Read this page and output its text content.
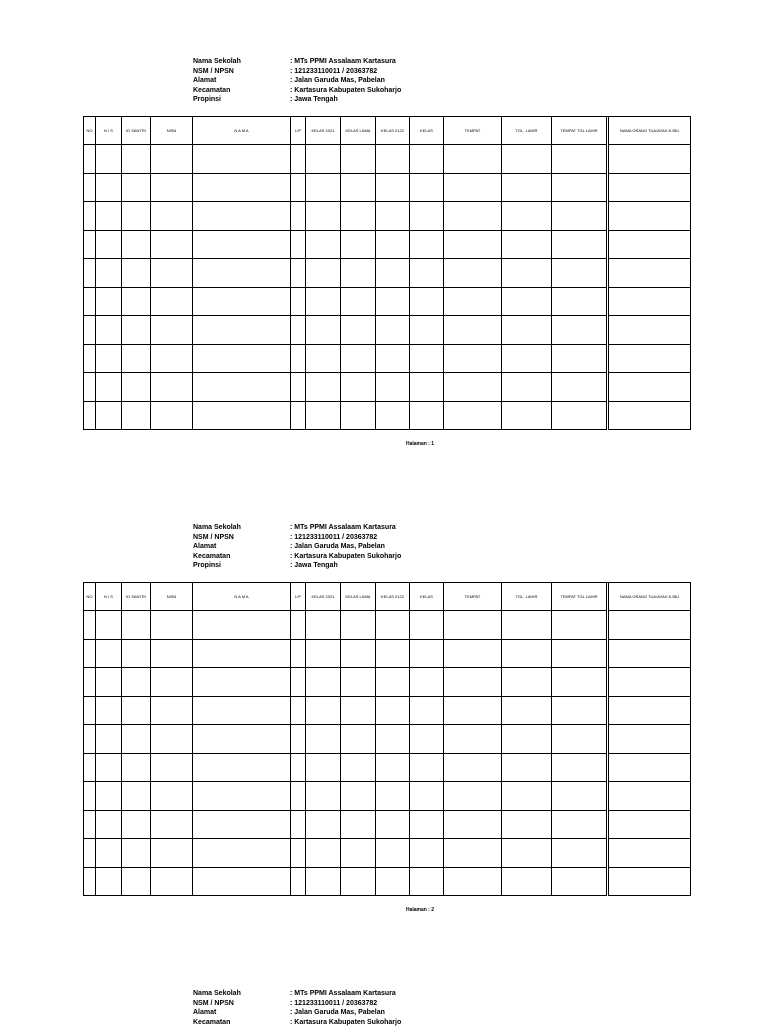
Nama Sekolah	: MTs PPMI Assalaam Kartasura
NSM / NPSN	: 121233110011 / 20363782
Alamat	: Jalan Garuda Mas, Pabelan
Kecamatan	: Kartasura Kabupaten Sukoharjo
Propinsi	: Jawa Tengah
NO	N I S	ID SANTRI	NISN	N A M A	L/P	KELAS 2021	KELAS LAMA	KELAS 2122	KELAS	TEMPAT	TGL. LAHIR	TEMPAT TGL LAHIR		NAMA ORANG TUA/AYAH & IBU

Halaman : 1
Nama Sekolah	: MTs PPMI Assalaam Kartasura
NSM / NPSN	: 121233110011 / 20363782
Alamat	: Jalan Garuda Mas, Pabelan
Kecamatan	: Kartasura Kabupaten Sukoharjo
Propinsi	: Jawa Tengah
NO	N I S	ID SANTRI	NISN	N A M A	L/P	KELAS 2021	KELAS LAMA	KELAS 2122	KELAS	TEMPAT	TGL. LAHIR	TEMPAT TGL LAHIR		NAMA ORANG TUA/AYAH & IBU

Halaman : 2
Nama Sekolah	: MTs PPMI Assalaam Kartasura
NSM / NPSN	: 121233110011 / 20363782
Alamat	: Jalan Garuda Mas, Pabelan
Kecamatan	: Kartasura Kabupaten Sukoharjo
